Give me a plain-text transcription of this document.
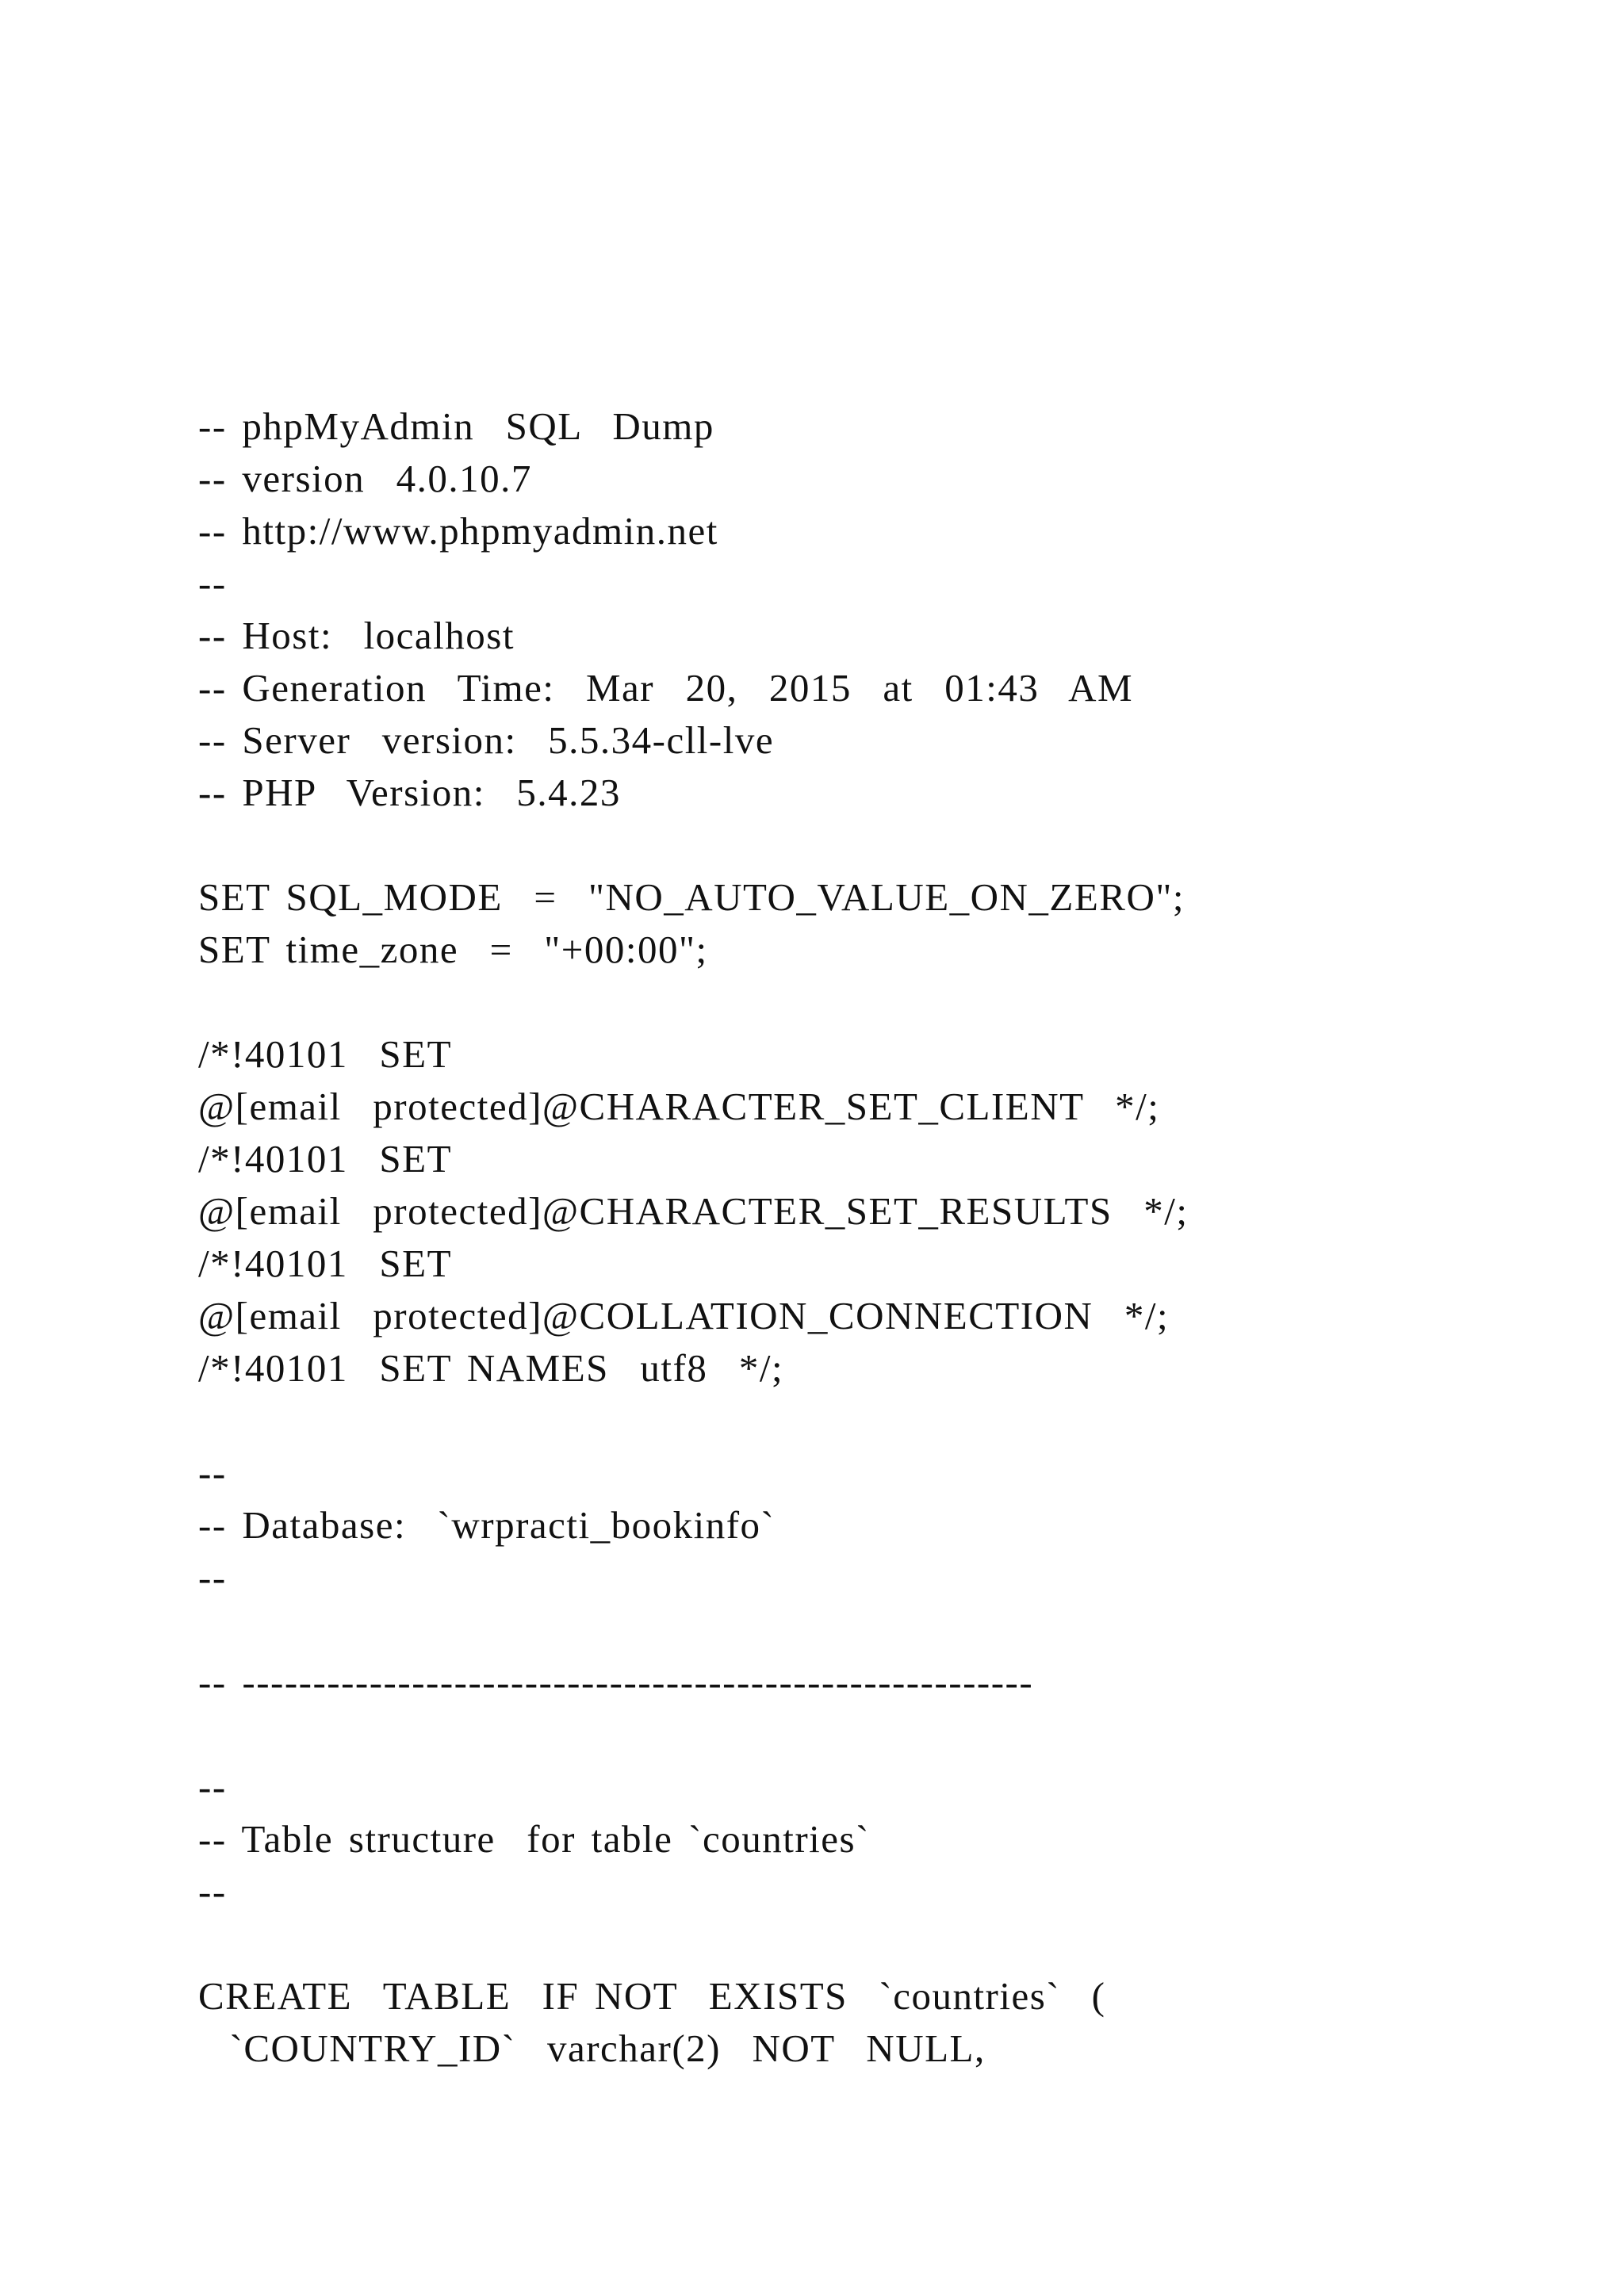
-- phpMyAdmin  SQL  Dump
-- version  4.0.10.7
-- http://www.phpmyadmin.net
--
-- Host:  localhost
-- Generation  Time:  Mar  20,  2015  at  01:43  AM
-- Server  version:  5.5.34-cll-lve
-- PHP  Version:  5.4.23
SET SQL_MODE  =  "NO_AUTO_VALUE_ON_ZERO";
SET time_zone  =  "+00:00";
/*!40101  SET
@[email  protected]@CHARACTER_SET_CLIENT  */;
/*!40101  SET
@[email  protected]@CHARACTER_SET_RESULTS  */;
/*!40101  SET
@[email  protected]@COLLATION_CONNECTION  */;
/*!40101  SET NAMES  utf8  */;
--
-- Database:  `wrpracti_bookinfo`
--
-- --------------------------------------------------------
--
-- Table structure  for table `countries`
--
CREATE  TABLE  IF NOT  EXISTS  `countries`  (
`COUNTRY_ID`  varchar(2)  NOT  NULL,
